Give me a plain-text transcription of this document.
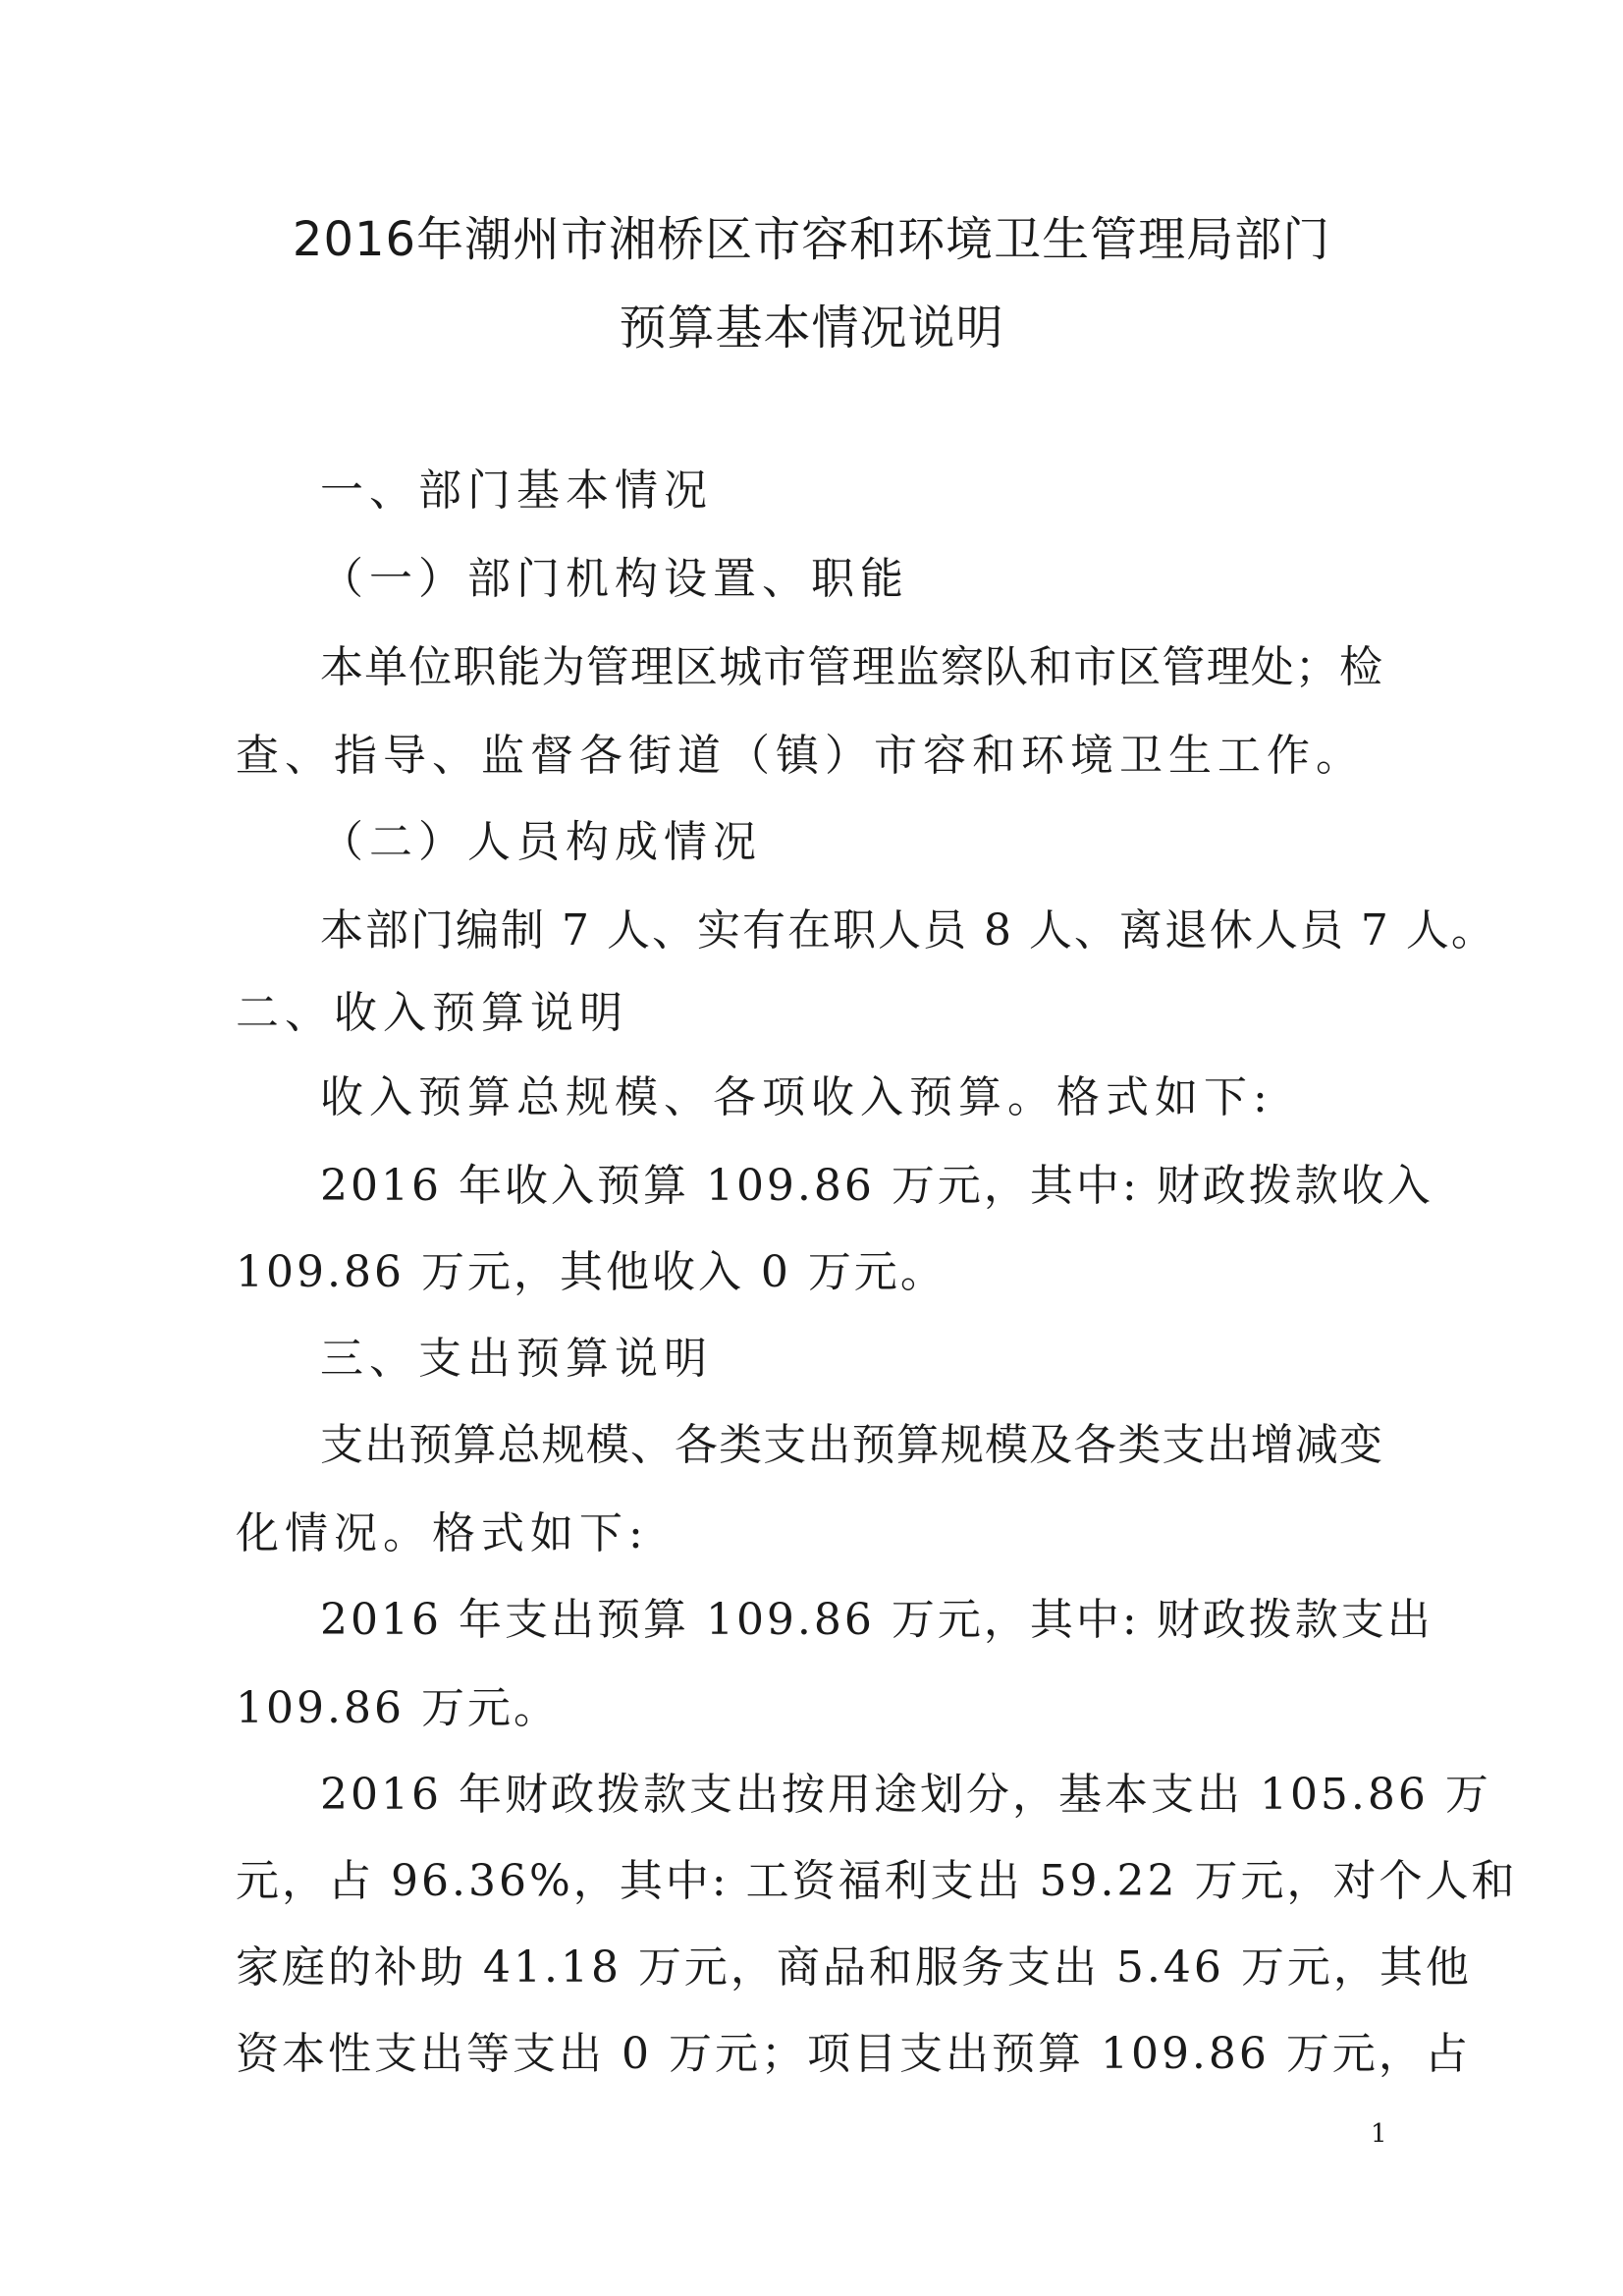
2016年潮州市湘桥区市容和环境卫生管理局部门
预算基本情况说明
一、部门基本情况
（一）部门机构设置、职能
本单位职能为管理区城市管理监察队和市区管理处；检
查、指导、监督各街道（镇）市容和环境卫生工作。
（二）人员构成情况
本部门编制 7 人、实有在职人员 8 人、离退休人员 7 人。
二、收入预算说明
收入预算总规模、各项收入预算。格式如下:
2016 年收入预算 109.86 万元，其中: 财政拨款收入
109.86 万元，其他收入 0 万元。
三、支出预算说明
支出预算总规模、各类支出预算规模及各类支出增减变
化情况。格式如下:
2016 年支出预算 109.86 万元，其中: 财政拨款支出
109.86 万元。
2016 年财政拨款支出按用途划分，基本支出 105.86 万
元，占 96.36%，其中: 工资福利支出 59.22 万元，对个人和
家庭的补助 41.18 万元，商品和服务支出 5.46 万元，其他
资本性支出等支出 0 万元；项目支出预算 109.86 万元，占
1
